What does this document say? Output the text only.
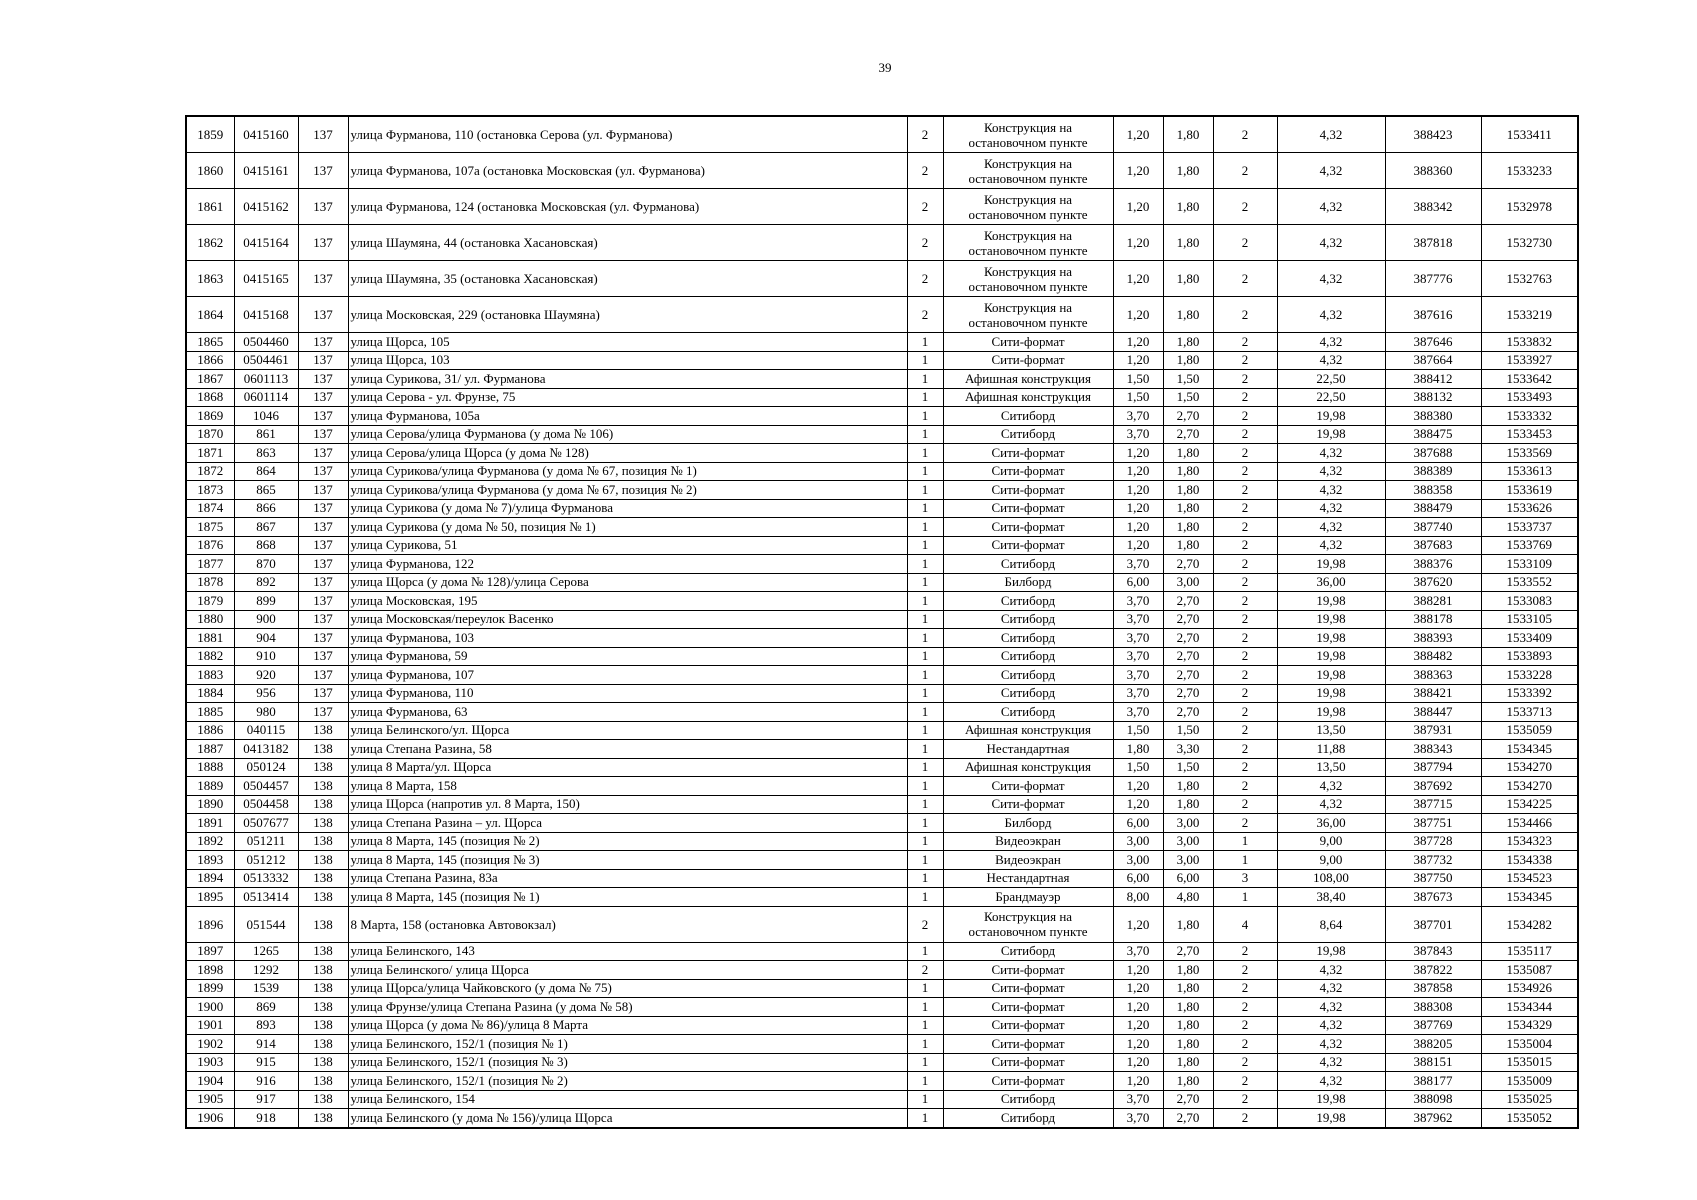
39
1859	0415160	137	улица Фурманова, 110 (остановка Серова (ул. Фурманова)	2	Конструкция на остановочном пункте	1,20	1,80	2	4,32	388423	1533411
1860	0415161	137	улица Фурманова, 107а (остановка Московская (ул. Фурманова)	2	Конструкция на остановочном пункте	1,20	1,80	2	4,32	388360	1533233
1861	0415162	137	улица Фурманова, 124 (остановка Московская (ул. Фурманова)	2	Конструкция на остановочном пункте	1,20	1,80	2	4,32	388342	1532978
1862	0415164	137	улица Шаумяна, 44 (остановка Хасановская)	2	Конструкция на остановочном пункте	1,20	1,80	2	4,32	387818	1532730
1863	0415165	137	улица Шаумяна, 35 (остановка Хасановская)	2	Конструкция на остановочном пункте	1,20	1,80	2	4,32	387776	1532763
1864	0415168	137	улица Московская, 229 (остановка Шаумяна)	2	Конструкция на остановочном пункте	1,20	1,80	2	4,32	387616	1533219
1865	0504460	137	улица Щорса, 105	1	Сити-формат	1,20	1,80	2	4,32	387646	1533832
1866	0504461	137	улица Щорса, 103	1	Сити-формат	1,20	1,80	2	4,32	387664	1533927
1867	0601113	137	улица Сурикова, 31/ ул. Фурманова	1	Афишная конструкция	1,50	1,50	2	22,50	388412	1533642
1868	0601114	137	улица Серова - ул. Фрунзе, 75	1	Афишная конструкция	1,50	1,50	2	22,50	388132	1533493
1869	1046	137	улица Фурманова, 105а	1	Ситиборд	3,70	2,70	2	19,98	388380	1533332
1870	861	137	улица Серова/улица Фурманова (у дома № 106)	1	Ситиборд	3,70	2,70	2	19,98	388475	1533453
1871	863	137	улица Серова/улица Щорса (у дома № 128)	1	Сити-формат	1,20	1,80	2	4,32	387688	1533569
1872	864	137	улица Сурикова/улица Фурманова (у дома № 67, позиция № 1)	1	Сити-формат	1,20	1,80	2	4,32	388389	1533613
1873	865	137	улица Сурикова/улица Фурманова (у дома № 67, позиция № 2)	1	Сити-формат	1,20	1,80	2	4,32	388358	1533619
1874	866	137	улица Сурикова (у дома № 7)/улица Фурманова	1	Сити-формат	1,20	1,80	2	4,32	388479	1533626
1875	867	137	улица Сурикова (у дома № 50, позиция № 1)	1	Сити-формат	1,20	1,80	2	4,32	387740	1533737
1876	868	137	улица Сурикова, 51	1	Сити-формат	1,20	1,80	2	4,32	387683	1533769
1877	870	137	улица Фурманова, 122	1	Ситиборд	3,70	2,70	2	19,98	388376	1533109
1878	892	137	улица Щорса (у дома № 128)/улица Серова	1	Билборд	6,00	3,00	2	36,00	387620	1533552
1879	899	137	улица Московская, 195	1	Ситиборд	3,70	2,70	2	19,98	388281	1533083
1880	900	137	улица Московская/переулок Васенко	1	Ситиборд	3,70	2,70	2	19,98	388178	1533105
1881	904	137	улица Фурманова, 103	1	Ситиборд	3,70	2,70	2	19,98	388393	1533409
1882	910	137	улица Фурманова, 59	1	Ситиборд	3,70	2,70	2	19,98	388482	1533893
1883	920	137	улица Фурманова, 107	1	Ситиборд	3,70	2,70	2	19,98	388363	1533228
1884	956	137	улица Фурманова, 110	1	Ситиборд	3,70	2,70	2	19,98	388421	1533392
1885	980	137	улица Фурманова, 63	1	Ситиборд	3,70	2,70	2	19,98	388447	1533713
1886	040115	138	улица Белинского/ул. Щорса	1	Афишная конструкция	1,50	1,50	2	13,50	387931	1535059
1887	0413182	138	улица Степана Разина, 58	1	Нестандартная	1,80	3,30	2	11,88	388343	1534345
1888	050124	138	улица 8 Марта/ул. Щорса	1	Афишная конструкция	1,50	1,50	2	13,50	387794	1534270
1889	0504457	138	улица 8 Марта, 158	1	Сити-формат	1,20	1,80	2	4,32	387692	1534270
1890	0504458	138	улица Щорса (напротив ул. 8 Марта, 150)	1	Сити-формат	1,20	1,80	2	4,32	387715	1534225
1891	0507677	138	улица Степана Разина – ул. Щорса	1	Билборд	6,00	3,00	2	36,00	387751	1534466
1892	051211	138	улица 8 Марта, 145 (позиция № 2)	1	Видеоэкран	3,00	3,00	1	9,00	387728	1534323
1893	051212	138	улица 8 Марта, 145 (позиция № 3)	1	Видеоэкран	3,00	3,00	1	9,00	387732	1534338
1894	0513332	138	улица Степана Разина, 83а	1	Нестандартная	6,00	6,00	3	108,00	387750	1534523
1895	0513414	138	улица 8 Марта, 145 (позиция № 1)	1	Брандмауэр	8,00	4,80	1	38,40	387673	1534345
1896	051544	138	8 Марта, 158 (остановка Автовокзал)	2	Конструкция на остановочном пункте	1,20	1,80	4	8,64	387701	1534282
1897	1265	138	улица Белинского, 143	1	Ситиборд	3,70	2,70	2	19,98	387843	1535117
1898	1292	138	улица Белинского/ улица Щорса	2	Сити-формат	1,20	1,80	2	4,32	387822	1535087
1899	1539	138	улица Щорса/улица Чайковского (у дома № 75)	1	Сити-формат	1,20	1,80	2	4,32	387858	1534926
1900	869	138	улица Фрунзе/улица Степана Разина (у дома № 58)	1	Сити-формат	1,20	1,80	2	4,32	388308	1534344
1901	893	138	улица Щорса (у дома № 86)/улица 8 Марта	1	Сити-формат	1,20	1,80	2	4,32	387769	1534329
1902	914	138	улица Белинского, 152/1 (позиция № 1)	1	Сити-формат	1,20	1,80	2	4,32	388205	1535004
1903	915	138	улица Белинского, 152/1 (позиция № 3)	1	Сити-формат	1,20	1,80	2	4,32	388151	1535015
1904	916	138	улица Белинского, 152/1 (позиция № 2)	1	Сити-формат	1,20	1,80	2	4,32	388177	1535009
1905	917	138	улица Белинского, 154	1	Ситиборд	3,70	2,70	2	19,98	388098	1535025
1906	918	138	улица Белинского (у дома № 156)/улица Щорса	1	Ситиборд	3,70	2,70	2	19,98	387962	1535052
